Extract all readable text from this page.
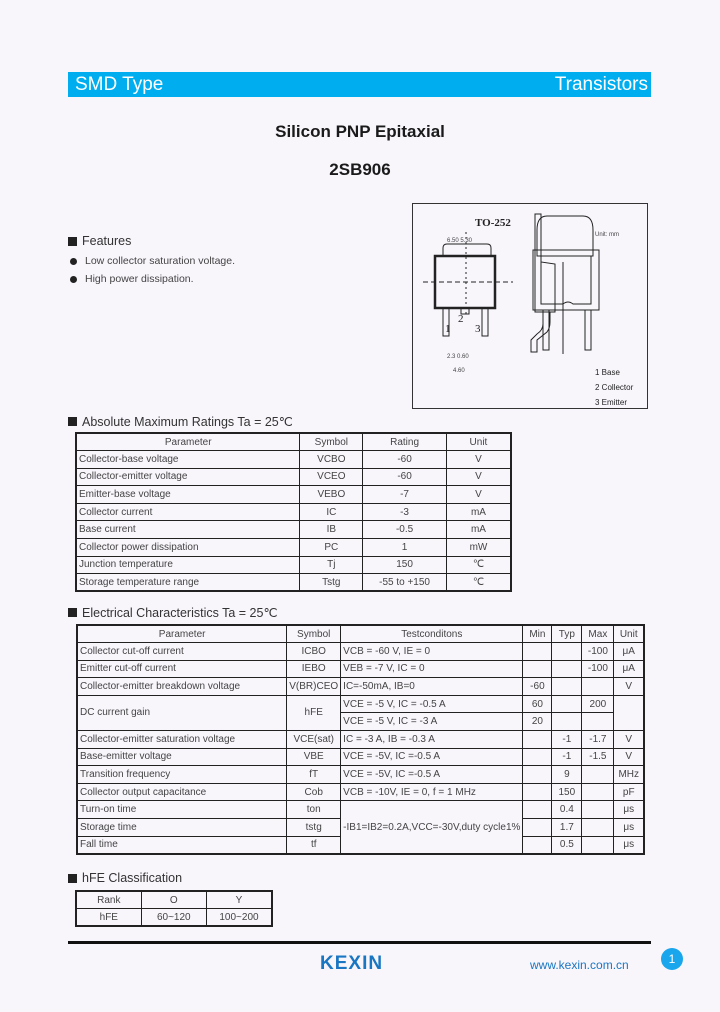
SMD Type	Transistors
Silicon PNP Epitaxial
2SB906
Features
Low collector saturation voltage.
High power dissipation.
TO-252
Unit: mm
6.50 5.30
1
2
3
2.3 0.60
4.60	1 Base
2 Collector
3 Emitter
Absolute Maximum Ratings Ta = 25℃
Parameter	Symbol	Rating	Unit
Collector-base voltage	VCBO	-60	V
Collector-emitter voltage	VCEO	-60	V
Emitter-base voltage	VEBO	-7	V
Collector current	IC	-3	mA
Base current	IB	-0.5	mA
Collector power dissipation	PC	1	mW
Junction temperature	Tj	150	℃
Storage temperature range	Tstg	-55 to +150	℃
Electrical Characteristics Ta = 25℃
Parameter	Symbol	Testconditons	Min	Typ	Max	Unit
Collector cut-off current	ICBO	VCB = -60 V, IE = 0			-100	μA
Emitter cut-off current	IEBO	VEB = -7 V, IC = 0			-100	μA
Collector-emitter breakdown voltage	V(BR)CEO	IC=-50mA, IB=0	-60			V
DC current gain	hFE	VCE = -5 V, IC = -0.5 A	60		200	
		VCE = -5 V, IC = -3 A	20			
Collector-emitter saturation voltage	VCE(sat)	IC = -3 A, IB = -0.3 A		-1	-1.7	V
Base-emitter voltage	VBE	VCE = -5V, IC =-0.5 A		-1	-1.5	V
Transition frequency	fT	VCE = -5V, IC =-0.5 A		9		MHz
Collector output capacitance	Cob	VCB = -10V, IE = 0, f = 1 MHz		150		pF
Turn-on time	ton	-IB1=IB2=0.2A,VCC=-30V,duty cycle1%		0.4		μs
Storage time	tstg			1.7		μs
Fall time	tf			0.5		μs
hFE Classification
Rank	O	Y
hFE	60~120	100~200
KEXIN	www.kexin.com.cn	1
